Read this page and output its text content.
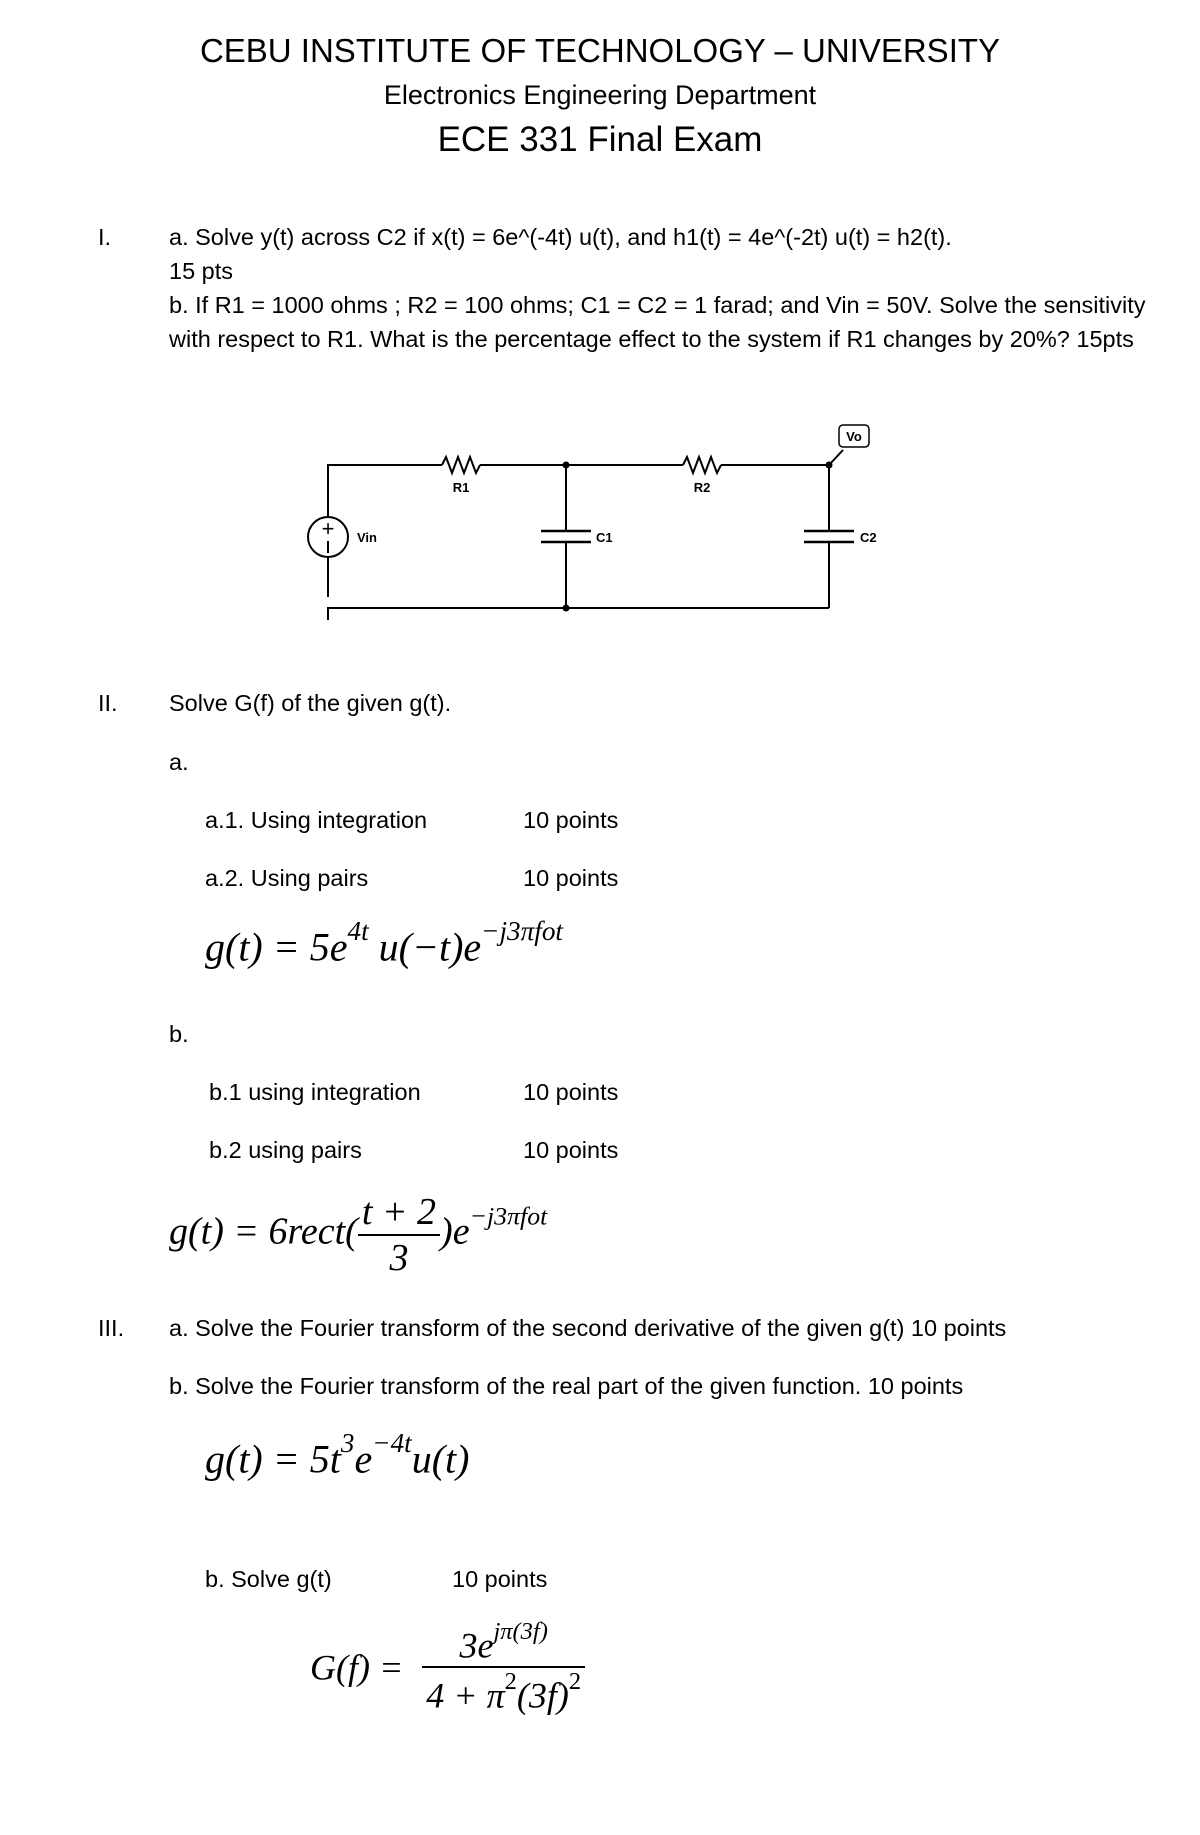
CEBU INSTITUTE OF TECHNOLOGY – UNIVERSITY
Electronics Engineering Department
ECE 331 Final Exam
I. a. Solve y(t) across C2 if x(t) = 6e^(-4t) u(t), and h1(t) = 4e^(-2t) u(t) = h2(t).
15 pts
b. If R1 = 1000 ohms ; R2 = 100 ohms; C1 = C2 = 1 farad; and Vin = 50V. Solve the sensitivity with respect to R1. What is the percentage effect to the system if R1 changes by 20%? 15pts
+
Vo
R1	R2
C1	C2
Vin
II. Solve G(f) of the given g(t).
a.
a.1. Using integration	10 points
a.2. Using pairs	10 points
$g(t) = 5e^{4t}$ $u(-t)e^{-j3\pi fot}$
b.
b.1 using integration	10 points
b.2 using pairs	10 points
g(t) = 6rect( $\frac{t + 2}{3} )e^{-j3\pi fot}$
III. a. Solve the Fourier transform of the second derivative of the given g(t) 10 points
b. Solve the Fourier transform of the real part of the given function. 10 points
$g(t) = 5t^3e^{-4t}u(t)$
b. Solve g(t)	10 points
$G(f) = \frac{3e^{j\pi(3f)}}{4 + \pi^2(3f)^2}$
